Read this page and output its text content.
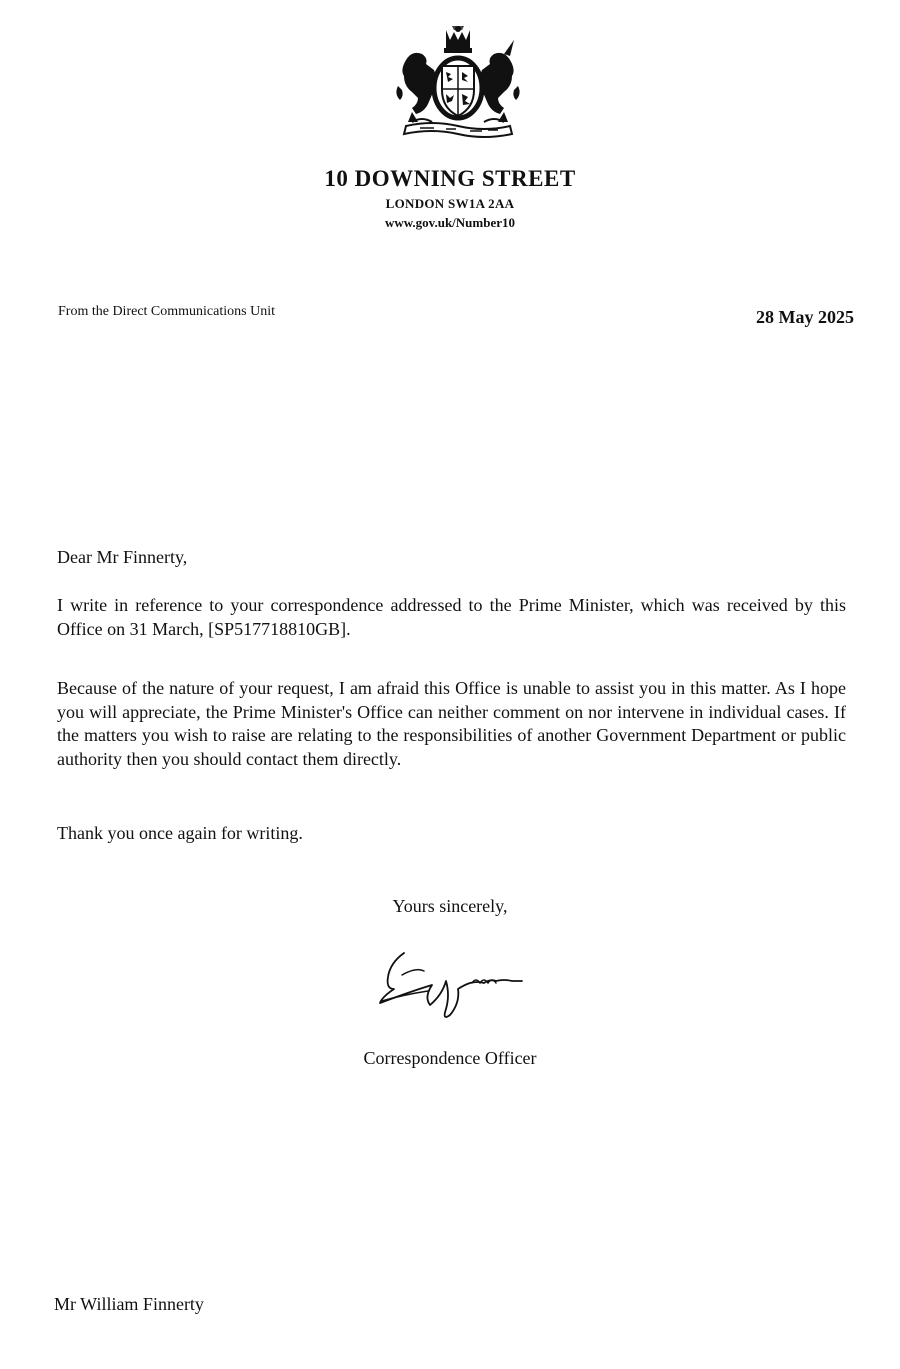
10 DOWNING STREET
LONDON SW1A 2AA
www.gov.uk/Number10
From the Direct Communications Unit	28 May 2025
Dear Mr Finnerty,
I write in reference to your correspondence addressed to the Prime Minister, which was received by this Office on 31 March, [SP517718810GB].
Because of the nature of your request, I am afraid this Office is unable to assist you in this matter. As I hope you will appreciate, the Prime Minister's Office can neither comment on nor intervene in individual cases. If the matters you wish to raise are relating to the responsibilities of another Government Department or public authority then you should contact them directly.
Thank you once again for writing.
Yours sincerely,
Correspondence Officer
Mr William Finnerty
